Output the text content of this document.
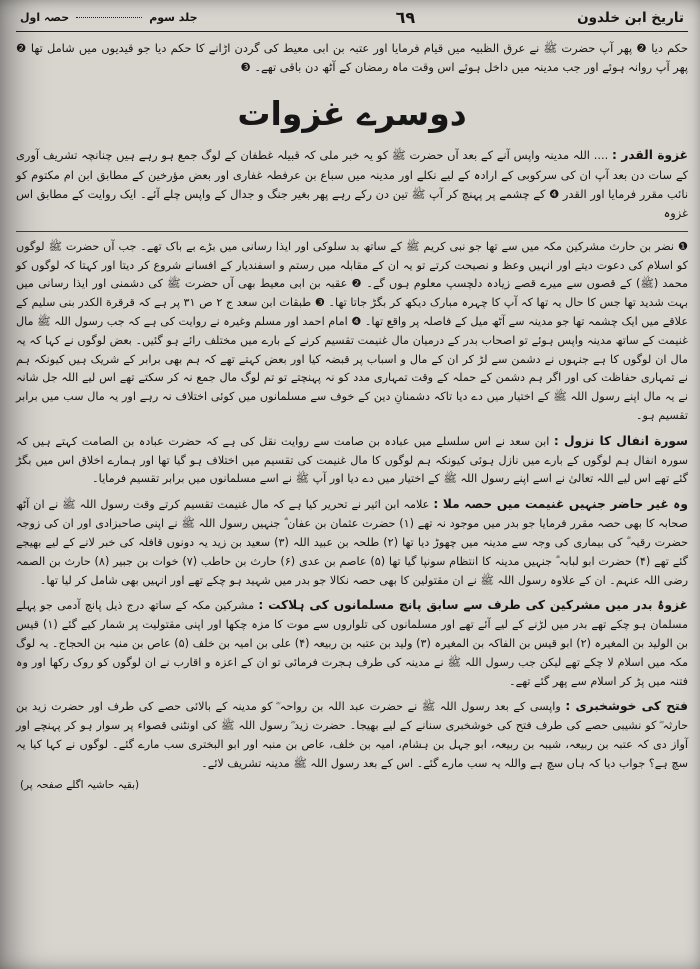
تاریخ ابن خلدون
٦٩
جلد سوم
حصہ اول

حکم دیا ❷ پھر آپ حضرت ﷺ نے عرق الظبیہ میں قیام فرمایا اور عتبہ بن ابی معیط کی گردن اڑانے کا حکم دیا جو قیدیوں میں شامل تھا ❷ پھر آپ روانہ ہوئے اور جب مدینہ میں داخل ہوئے اس وقت ماہ رمضان کے آٹھ دن باقی تھے۔ ❸

دوسرے غزوات

غزوة القدر : .... اللہ مدینہ واپس آنے کے بعد آں حضرت ﷺ کو یہ خبر ملی کہ قبیلہ غطفان کے لوگ جمع ہو رہے ہیں چنانچہ تشریف آوری کے سات دن بعد آپ ان کی سرکوبی کے ارادہ کے لیے نکلے اور مدینہ میں سباع بن عرفطہ غفاری اور بعض مؤرخین کے مطابق ابن ام مکتوم کو نائب مقرر فرمایا اور القدر ❹ کے چشمے پر پہنچ کر آپ ﷺ تین دن رکے رہے پھر بغیر جنگ و جدال کے واپس چلے آئے۔ ایک روایت کے مطابق اس غزوہ

❶ نضر بن حارث مشرکین مکہ میں سے تھا جو نبی کریم ﷺ کے ساتھ بد سلوکی اور ایذا رسانی میں بڑے بے باک تھے۔ جب آں حضرت ﷺ لوگوں کو اسلام کی دعوت دیتے اور انہیں وعظ و نصیحت کرتے تو یہ ان کے مقابلہ میں رستم و اسفندیار کے افسانے شروع کر دیتا اور کہتا کہ لوگوں کو محمد (ﷺ) کے قصوں سے میرے قصے زیادہ دلچسپ معلوم ہوں گے۔ ❷ عقبہ بن ابی معیط بھی آں حضرت ﷺ کی دشمنی اور ایذا رسانی میں بہت شدید تھا جس کا حال یہ تھا کہ آپ کا چہرہ مبارک دیکھ کر بگڑ جاتا تھا۔ ❸ طبقات ابن سعد ج ۲ ص ۳۱ پر ہے کہ قرقرة الکدر بنی سلیم کے علاقے میں ایک چشمہ تھا جو مدینہ سے آٹھ میل کے فاصلہ پر واقع تھا۔ ❹ امام احمد اور مسلم وغیرہ نے روایت کی ہے کہ جب رسول اللہ ﷺ مال غنیمت کے ساتھ مدینہ واپس ہوئے تو اصحاب بدر کے درمیان مال غنیمت تقسیم کرنے کے بارے میں مختلف رائے ہو گئیں۔ بعض لوگوں نے کہا کہ یہ مال ان لوگوں کا ہے جنہوں نے دشمن سے لڑ کر ان کے مال و اسباب پر قبضہ کیا اور بعض کہتے تھے کہ ہم بھی برابر کے شریک ہیں کیونکہ ہم نے تمہاری حفاظت کی اور اگر ہم دشمن کے حملہ کے وقت تمہاری مدد کو نہ پہنچتے تو تم لوگ مال جمع نہ کر سکتے تھے اس لیے اللہ جل شانہ نے یہ مال اپنے رسول اللہ ﷺ کے اختیار میں دے دیا تاکہ دشمنانِ دین کے خوف سے مسلمانوں میں کوئی اختلاف نہ رہے اور یہ مال سب میں برابر تقسیم ہو۔

سورة انفال کا نزول : ابن سعد نے اس سلسلے میں عبادہ بن صامت سے روایت نقل کی ہے کہ حضرت عبادہ بن الصامت کہتے ہیں کہ سورہ انفال ہم لوگوں کے بارے میں نازل ہوئی کیونکہ ہم لوگوں کا مال غنیمت کی تقسیم میں اختلاف ہو گیا تھا اور ہمارے اخلاق اس میں بگڑ گئے تھے اس لیے اللہ تعالیٰ نے اسے اپنے رسول اللہ ﷺ کے اختیار میں دے دیا اور آپ ﷺ نے اسے مسلمانوں میں برابر تقسیم فرمایا۔

وہ غیر حاضر جنہیں غنیمت میں حصہ ملا : علامہ ابن اثیر نے تحریر کیا ہے کہ مال غنیمت تقسیم کرتے وقت رسول اللہ ﷺ نے ان آٹھ صحابہ کا بھی حصہ مقرر فرمایا جو بدر میں موجود نہ تھے (۱) حضرت عثمان بن عفان ؓ جنہیں رسول اللہ ﷺ نے اپنی صاحبزادی اور ان کی زوجہ حضرت رقیہ ؓ کی بیماری کی وجہ سے مدینہ میں چھوڑ دیا تھا (۲) طلحہ بن عبید اللہ (۳) سعید بن زید یہ دونوں قافلہ کی خبر لانے کے لیے بھیجے گئے تھے (۴) حضرت ابو لبابہ ؓ جنہیں مدینہ کا انتظام سونپا گیا تھا (۵) عاصم بن عدی (۶) حارث بن حاطب (۷) خوات بن جبیر (۸) حارث بن الصمہ رضی اللہ عنہم۔ ان کے علاوہ رسول اللہ ﷺ نے ان مقتولین کا بھی حصہ نکالا جو بدر میں شہید ہو چکے تھے اور انہیں بھی شامل کر لیا تھا۔

غزوۂ بدر میں مشرکین کی طرف سے سابق پانچ مسلمانوں کی ہلاکت : مشرکین مکہ کے ساتھ درج ذیل پانچ آدمی جو پہلے مسلمان ہو چکے تھے بدر میں لڑنے کے لیے آئے تھے اور مسلمانوں کی تلواروں سے موت کا مزہ چکھا اور اپنی مقتولیت پر شمار کیے گئے (۱) قیس بن الولید بن المغیرہ (۲) ابو قیس بن الفاکہ بن المغیرہ (۳) ولید بن عتبہ بن ربیعہ (۴) علی بن امیہ بن خلف (۵) عاص بن منبہ بن الحجاج۔ یہ لوگ مکہ میں اسلام لا چکے تھے لیکن جب رسول اللہ ﷺ نے مدینہ کی طرف ہجرت فرمائی تو ان کے اعزہ و اقارب نے ان لوگوں کو روک رکھا اور وہ فتنہ میں پڑ کر اسلام سے پھر گئے تھے۔

فتح کی خوشخبری : واپسی کے بعد رسول اللہ ﷺ نے حضرت عبد اللہ بن رواحہ ؓ کو مدینہ کے بالائی حصے کی طرف اور حضرت زید بن حارثہ ؓ کو نشیبی حصے کی طرف فتح کی خوشخبری سنانے کے لیے بھیجا۔ حضرت زید ؓ رسول اللہ ﷺ کی اونٹنی قصواء پر سوار ہو کر پہنچے اور آواز دی کہ عتبہ بن ربیعہ، شیبہ بن ربیعہ، ابو جہل بن ہشام، امیہ بن خلف، عاص بن منبہ اور ابو البختری سب مارے گئے۔ لوگوں نے کہا کیا یہ سچ ہے؟ جواب دیا کہ ہاں سچ ہے واللہ یہ سب مارے گئے۔ اس کے بعد رسول اللہ ﷺ مدینہ تشریف لائے۔

(بقیہ حاشیہ اگلے صفحہ پر)
